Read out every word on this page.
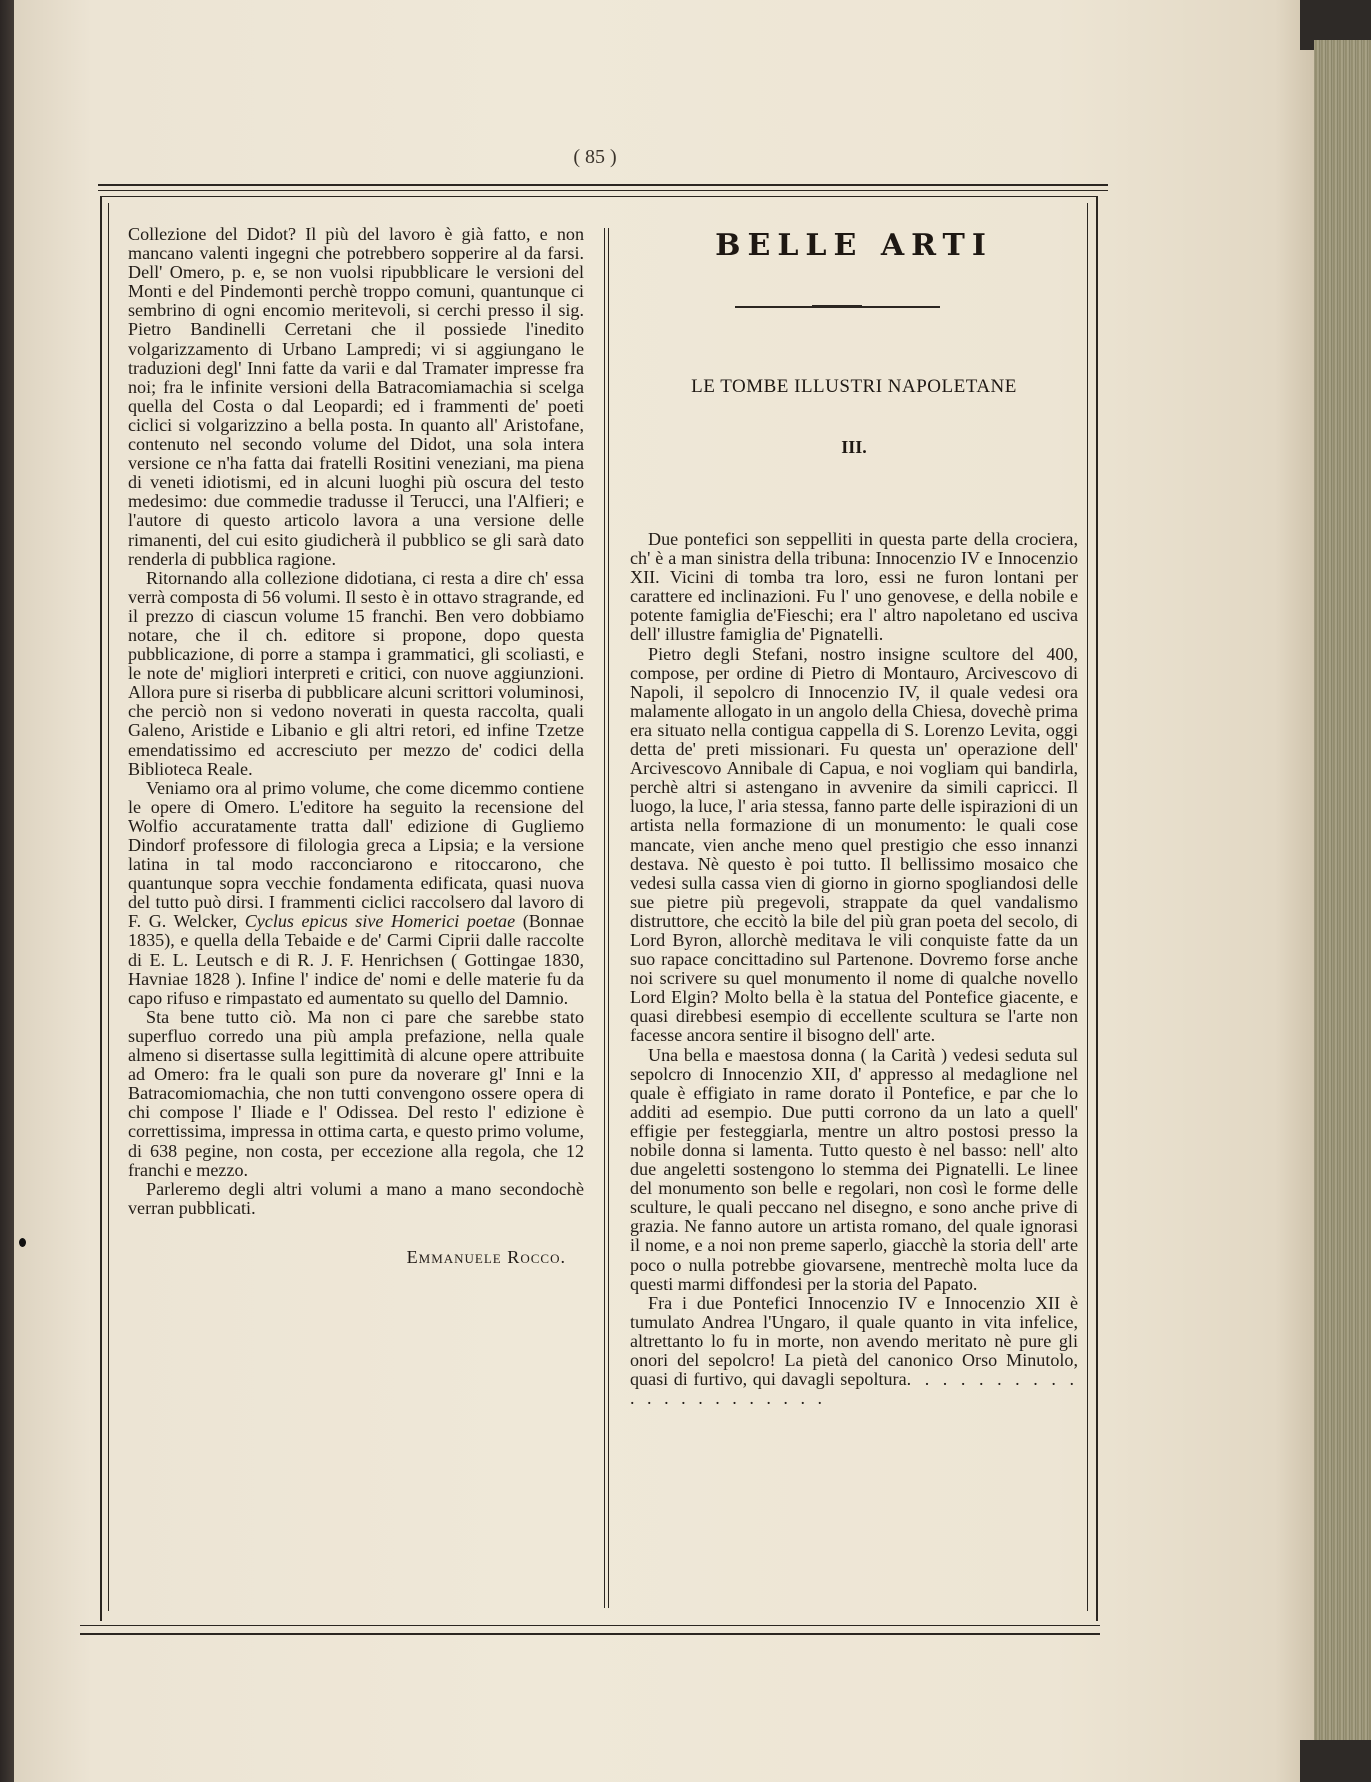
( 85 )

Collezione del Didot? Il più del lavoro è già fatto, e non mancano valenti ingegni che potrebbero sopperire al da farsi. Dell' Omero, p. e, se non vuolsi ripubblicare le versioni del Monti e del Pindemonti perchè troppo comuni, quantunque ci sembrino di ogni encomio meritevoli, si cerchi presso il sig. Pietro Bandinelli Cerretani che il possiede l'inedito volgarizzamento di Urbano Lampredi; vi si aggiungano le traduzioni degl' Inni fatte da varii e dal Tramater impresse fra noi; fra le infinite versioni della Batracomiamachia si scelga quella del Costa o dal Leopardi; ed i frammenti de' poeti ciclici si volgarizzino a bella posta. In quanto all' Aristofane, contenuto nel secondo volume del Didot, una sola intera versione ce n'ha fatta dai fratelli Rositini veneziani, ma piena di veneti idiotismi, ed in alcuni luoghi più oscura del testo medesimo: due commedie tradusse il Terucci, una l'Alfieri; e l'autore di questo articolo lavora a una versione delle rimanenti, del cui esito giudicherà il pubblico se gli sarà dato renderla di pubblica ragione.

Ritornando alla collezione didotiana, ci resta a dire ch' essa verrà composta di 56 volumi. Il sesto è in ottavo stragrande, ed il prezzo di ciascun volume 15 franchi. Ben vero dobbiamo notare, che il ch. editore si propone, dopo questa pubblicazione, di porre a stampa i grammatici, gli scoliasti, e le note de' migliori interpreti e critici, con nuove aggiunzioni. Allora pure si riserba di pubblicare alcuni scrittori voluminosi, che perciò non si vedono noverati in questa raccolta, quali Galeno, Aristide e Libanio e gli altri retori, ed infine Tzetze emendatissimo ed accresciuto per mezzo de' codici della Biblioteca Reale.

Veniamo ora al primo volume, che come dicemmo contiene le opere di Omero. L'editore ha seguito la recensione del Wolfio accuratamente tratta dall' edizione di Gugliemo Dindorf professore di filologia greca a Lipsia; e la versione latina in tal modo racconciarono e ritoccarono, che quantunque sopra vecchie fondamenta edificata, quasi nuova del tutto può dirsi. I frammenti ciclici raccolsero dal lavoro di F. G. Welcker, Cyclus epicus sive Homerici poetae (Bonnae 1835), e quella della Tebaide e de' Carmi Ciprii dalle raccolte di E. L. Leutsch e di R. J. F. Henrichsen ( Gottingae 1830, Havniae 1828 ). Infine l' indice de' nomi e delle materie fu da capo rifuso e rimpastato ed aumentato su quello del Damnio.

Sta bene tutto ciò. Ma non ci pare che sarebbe stato superfluo corredo una più ampla prefazione, nella quale almeno si disertasse sulla legittimità di alcune opere attribuite ad Omero: fra le quali son pure da noverare gl' Inni e la Batracomiomachia, che non tutti convengono ossere opera di chi compose l' Iliade e l' Odissea. Del resto l' edizione è correttissima, impressa in ottima carta, e questo primo volume, di 638 pegine, non costa, per eccezione alla regola, che 12 franchi e mezzo.

Parleremo degli altri volumi a mano a mano secondochè verran pubblicati.

Emmanuele Rocco.

BELLE ARTI
LE TOMBE ILLUSTRI NAPOLETANE
III.

Due pontefici son seppelliti in questa parte della crociera, ch' è a man sinistra della tribuna: Innocenzio IV e Innocenzio XII. Vicini di tomba tra loro, essi ne furon lontani per carattere ed inclinazioni. Fu l' uno genovese, e della nobile e potente famiglia de'Fieschi; era l' altro napoletano ed usciva dell' illustre famiglia de' Pignatelli.

Pietro degli Stefani, nostro insigne scultore del 400, compose, per ordine di Pietro di Montauro, Arcivescovo di Napoli, il sepolcro di Innocenzio IV, il quale vedesi ora malamente allogato in un angolo della Chiesa, dovechè prima era situato nella contigua cappella di S. Lorenzo Levita, oggi detta de' preti missionari. Fu questa un' operazione dell' Arcivescovo Annibale di Capua, e noi vogliam qui bandirla, perchè altri si astengano in avvenire da simili capricci. Il luogo, la luce, l' aria stessa, fanno parte delle ispirazioni di un artista nella formazione di un monumento: le quali cose mancate, vien anche meno quel prestigio che esso innanzi destava. Nè questo è poi tutto. Il bellissimo mosaico che vedesi sulla cassa vien di giorno in giorno spogliandosi delle sue pietre più pregevoli, strappate da quel vandalismo distruttore, che eccitò la bile del più gran poeta del secolo, di Lord Byron, allorchè meditava le vili conquiste fatte da un suo rapace concittadino sul Partenone. Dovremo forse anche noi scrivere su quel monumento il nome di qualche novello Lord Elgin? Molto bella è la statua del Pontefice giacente, e quasi direbbesi esempio di eccellente scultura se l'arte non facesse ancora sentire il bisogno dell' arte.

Una bella e maestosa donna ( la Carità ) vedesi seduta sul sepolcro di Innocenzio XII, d' appresso al medaglione nel quale è effigiato in rame dorato il Pontefice, e par che lo additi ad esempio. Due putti corrono da un lato a quell' effigie per festeggiarla, mentre un altro postosi presso la nobile donna si lamenta. Tutto questo è nel basso: nell' alto due angeletti sostengono lo stemma dei Pignatelli. Le linee del monumento son belle e regolari, non così le forme delle sculture, le quali peccano nel disegno, e sono anche prive di grazia. Ne fanno autore un artista romano, del quale ignorasi il nome, e a noi non preme saperlo, giacchè la storia dell' arte poco o nulla potrebbe giovarsene, mentrechè molta luce da questi marmi diffondesi per la storia del Papato.

Fra i due Pontefici Innocenzio IV e Innocenzio XII è tumulato Andrea l'Ungaro, il quale quanto in vita infelice, altrettanto lo fu in morte, non avendo meritato nè pure gli onori del sepolcro! La pietà del canonico Orso Minutolo, quasi di furtivo, qui davagli sepoltura. . . . . . . . . . . . . . . . . . . . . .
